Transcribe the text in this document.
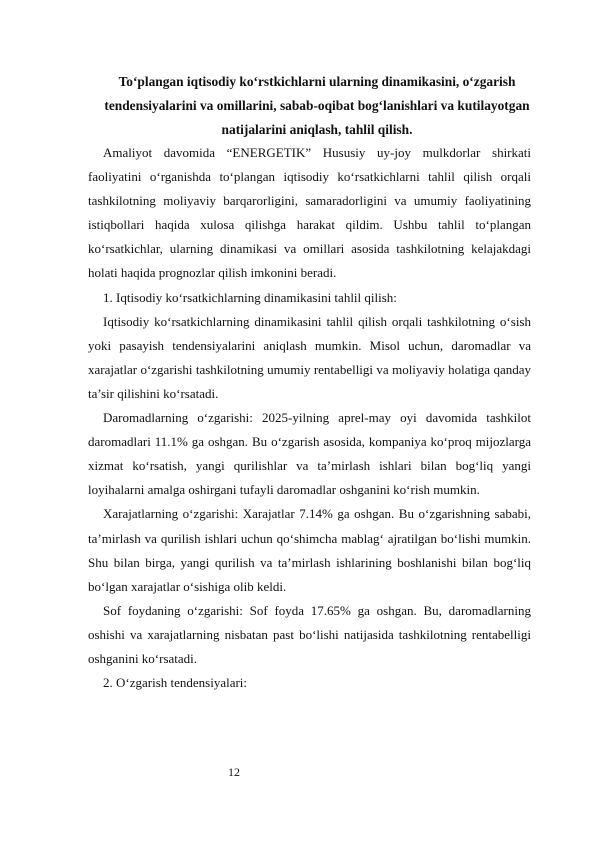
To‘plangan iqtisodiy ko‘rstkichlarni ularning dinamikasini, o‘zgarish tendensiyalarini va omillarini, sabab-oqibat bog‘lanishlari va kutilayotgan natijalarini aniqlash, tahlil qilish.

Amaliyot davomida “ENERGETIK” Hususiy uy-joy mulkdorlar shirkati faoliyatini o‘rganishda to‘plangan iqtisodiy ko‘rsatkichlarni tahlil qilish orqali tashkilotning moliyaviy barqarorligini, samaradorligini va umumiy faoliyatining istiqbollari haqida xulosa qilishga harakat qildim. Ushbu tahlil to‘plangan ko‘rsatkichlar, ularning dinamikasi va omillari asosida tashkilotning kelajakdagi holati haqida prognozlar qilish imkonini beradi.

1. Iqtisodiy ko‘rsatkichlarning dinamikasini tahlil qilish:

Iqtisodiy ko‘rsatkichlarning dinamikasini tahlil qilish orqali tashkilotning o‘sish yoki pasayish tendensiyalarini aniqlash mumkin. Misol uchun, daromadlar va xarajatlar o‘zgarishi tashkilotning umumiy rentabelligi va moliyaviy holatiga qanday ta’sir qilishini ko‘rsatadi.

Daromadlarning o‘zgarishi: 2025-yilning aprel-may oyi davomida tashkilot daromadlari 11.1% ga oshgan. Bu o‘zgarish asosida, kompaniya ko‘proq mijozlarga xizmat ko‘rsatish, yangi qurilishlar va ta’mirlash ishlari bilan bog‘liq yangi loyihalarni amalga oshirgani tufayli daromadlar oshganini ko‘rish mumkin.

Xarajatlarning o‘zgarishi: Xarajatlar 7.14% ga oshgan. Bu o‘zgarishning sababi, ta’mirlash va qurilish ishlari uchun qo‘shimcha mablag‘ ajratilgan bo‘lishi mumkin. Shu bilan birga, yangi qurilish va ta’mirlash ishlarining boshlanishi bilan bog‘liq bo‘lgan xarajatlar o‘sishiga olib keldi.

Sof foydaning o‘zgarishi: Sof foyda 17.65% ga oshgan. Bu, daromadlarning oshishi va xarajatlarning nisbatan past bo‘lishi natijasida tashkilotning rentabelligi oshganini ko‘rsatadi.

2. O‘zgarish tendensiyalari:

12
